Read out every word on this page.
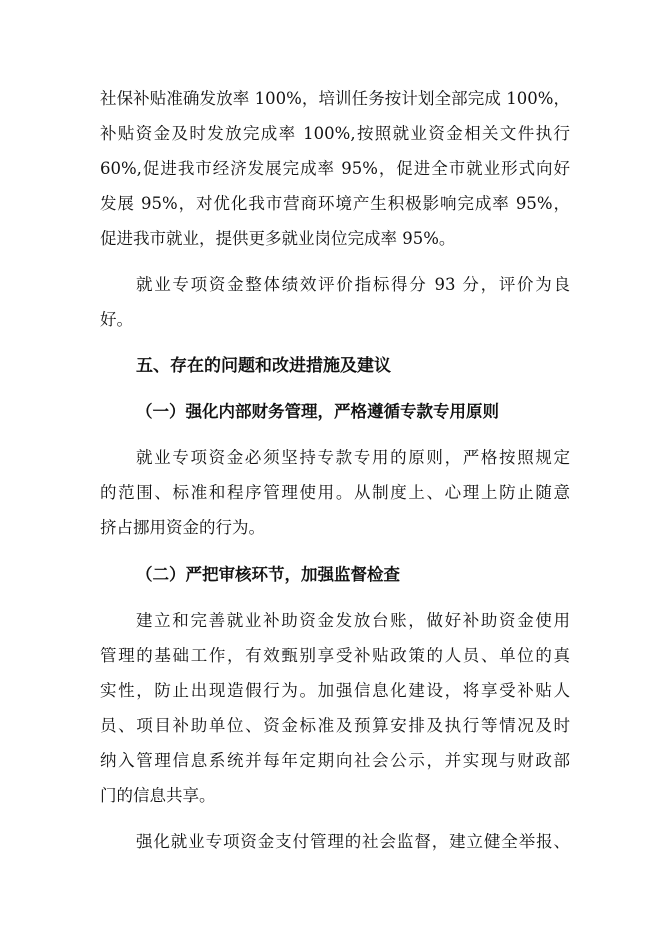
社保补贴准确发放率 100%，培训任务按计划全部完成 100%，
补贴资金及时发放完成率 100%,按照就业资金相关文件执行
60%,促进我市经济发展完成率 95%，促进全市就业形式向好
发展 95%，对优化我市营商环境产生积极影响完成率 95%，
促进我市就业，提供更多就业岗位完成率 95%。
就业专项资金整体绩效评价指标得分 93 分，评价为良
好。
五、存在的问题和改进措施及建议
（一）强化内部财务管理，严格遵循专款专用原则
就业专项资金必须坚持专款专用的原则，严格按照规定
的范围、标准和程序管理使用。从制度上、心理上防止随意
挤占挪用资金的行为。
（二）严把审核环节，加强监督检查
建立和完善就业补助资金发放台账，做好补助资金使用
管理的基础工作，有效甄别享受补贴政策的人员、单位的真
实性，防止出现造假行为。加强信息化建设，将享受补贴人
员、项目补助单位、资金标准及预算安排及执行等情况及时
纳入管理信息系统并每年定期向社会公示，并实现与财政部
门的信息共享。
强化就业专项资金支付管理的社会监督，建立健全举报、
